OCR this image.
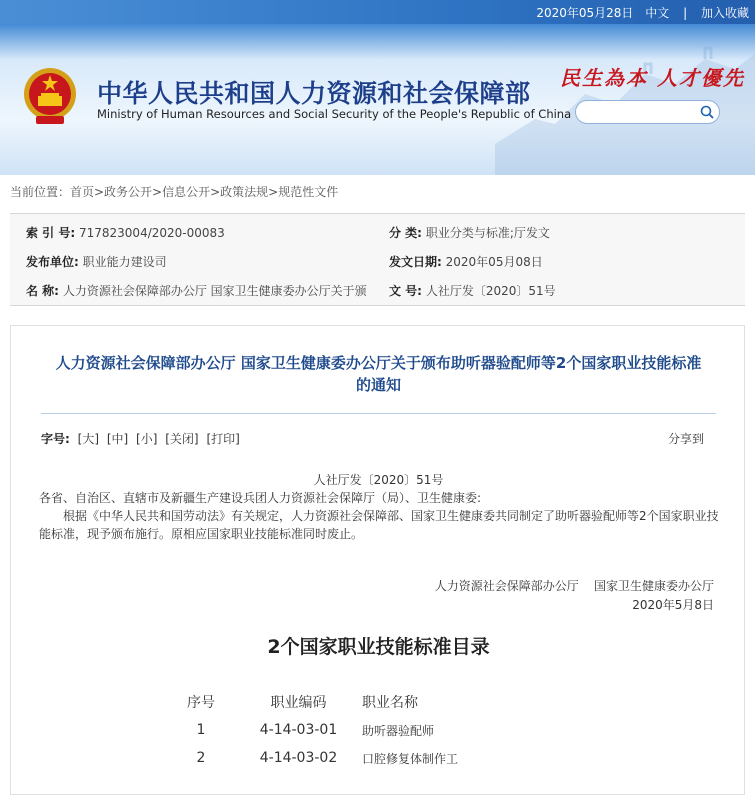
2020年05月28日 中文 | 加入收藏
中华人民共和国人力资源和社会保障部
Ministry of Human Resources and Social Security of the People's Republic of China
民生為本 人才優先
当前位置：首页>政务公开>信息公开>政策法规>规范性文件
索 引 号: 717823004/2020-00083	分 类: 职业分类与标准;厅发文
发布单位: 职业能力建设司	发文日期: 2020年05月08日
名 称: 人力资源社会保障部办公厅 国家卫生健康委办公厅关于颁	文 号: 人社厅发〔2020〕51号
人力资源社会保障部办公厅 国家卫生健康委办公厅关于颁布助听器验配师等2个国家职业技能标准的通知
字号: [大] [中] [小] [关闭] [打印]	分享到
人社厅发〔2020〕51号
各省、自治区、直辖市及新疆生产建设兵团人力资源社会保障厅（局）、卫生健康委:
根据《中华人民共和国劳动法》有关规定，人力资源社会保障部、国家卫生健康委共同制定了助听器验配师等2个国家职业技能标准，现予颁布施行。原相应国家职业技能标准同时废止。
人力资源社会保障部办公厅    国家卫生健康委办公厅
2020年5月8日
2个国家职业技能标准目录
序号	职业编码	职业名称
1	4-14-03-01	助听器验配师
2	4-14-03-02	口腔修复体制作工
